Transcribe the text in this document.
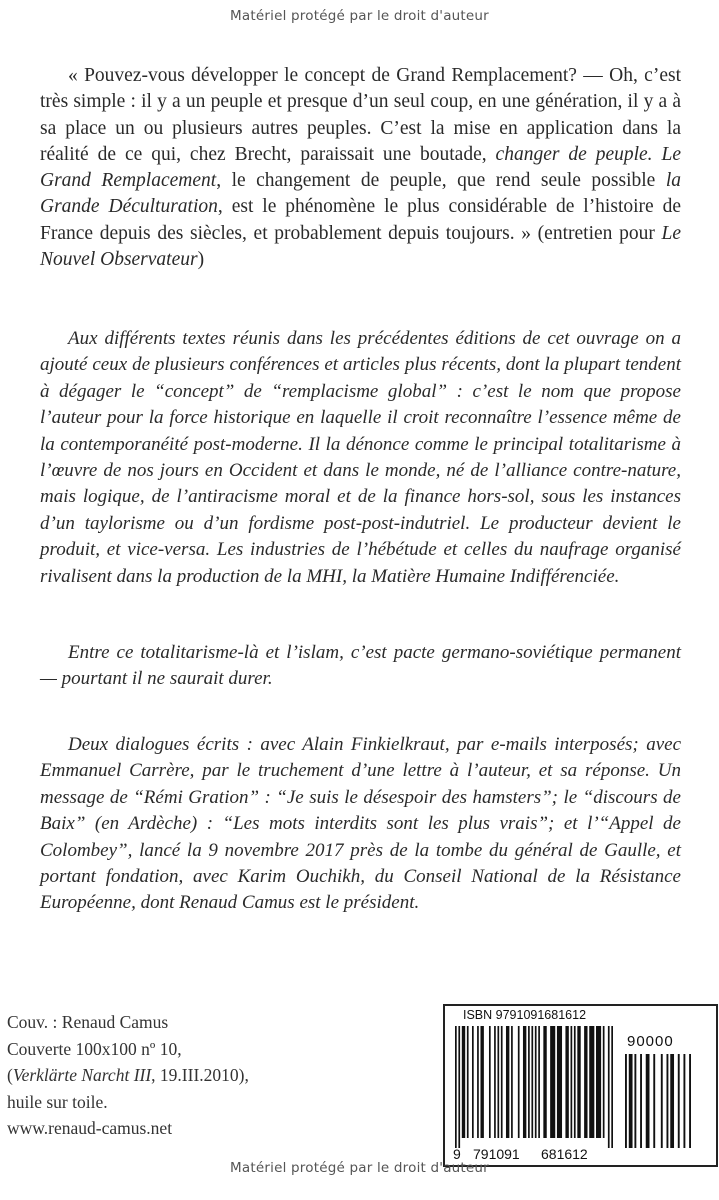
Matériel protégé par le droit d'auteur

« Pouvez-vous développer le concept de Grand Remplacement? — Oh, c’est très simple : il y a un peuple et presque d’un seul coup, en une génération, il y a à sa place un ou plusieurs autres peuples. C’est la mise en application dans la réalité de ce qui, chez Brecht, paraissait une boutade, changer de peuple. Le Grand Remplacement, le changement de peuple, que rend seule possible la Grande Déculturation, est le phénomène le plus considérable de l’histoire de France depuis des siècles, et probablement depuis toujours. » (entretien pour Le Nouvel Observateur)

Aux différents textes réunis dans les précédentes éditions de cet ouvrage on a ajouté ceux de plusieurs conférences et articles plus récents, dont la plupart tendent à dégager le “concept” de “remplacisme global” : c’est le nom que propose l’auteur pour la force historique en laquelle il croit reconnaître l’essence même de la contemporanéité post-moderne. Il la dénonce comme le principal totalitarisme à l’œuvre de nos jours en Occident et dans le monde, né de l’alliance contre-nature, mais logique, de l’antiracisme moral et de la finance hors-sol, sous les instances d’un taylorisme ou d’un fordisme post-post-indutriel. Le producteur devient le produit, et vice-versa. Les industries de l’hébétude et celles du naufrage organisé rivalisent dans la production de la MHI, la Matière Humaine Indifférenciée.

Entre ce totalitarisme-là et l’islam, c’est pacte germano-soviétique permanent — pourtant il ne saurait durer.

Deux dialogues écrits : avec Alain Finkielkraut, par e-mails interposés; avec Emmanuel Carrère, par le truchement d’une lettre à l’auteur, et sa réponse. Un message de “Rémi Gration” : “Je suis le désespoir des hamsters”; le “discours de Baix” (en Ardèche) : “Les mots interdits sont les plus vrais”; et l’“Appel de Colombey”, lancé la 9 novembre 2017 près de la tombe du général de Gaulle, et portant fondation, avec Karim Ouchikh, du Conseil National de la Résistance Européenne, dont Renaud Camus est le président.

Couv. : Renaud Camus
Couverte 100x100 nº 10,
(Verklärte Narcht III, 19.III.2010),
huile sur toile.
www.renaud-camus.net
ISBN 9791091681612
90000
9 791091 681612
Matériel protégé par le droit d'auteur
